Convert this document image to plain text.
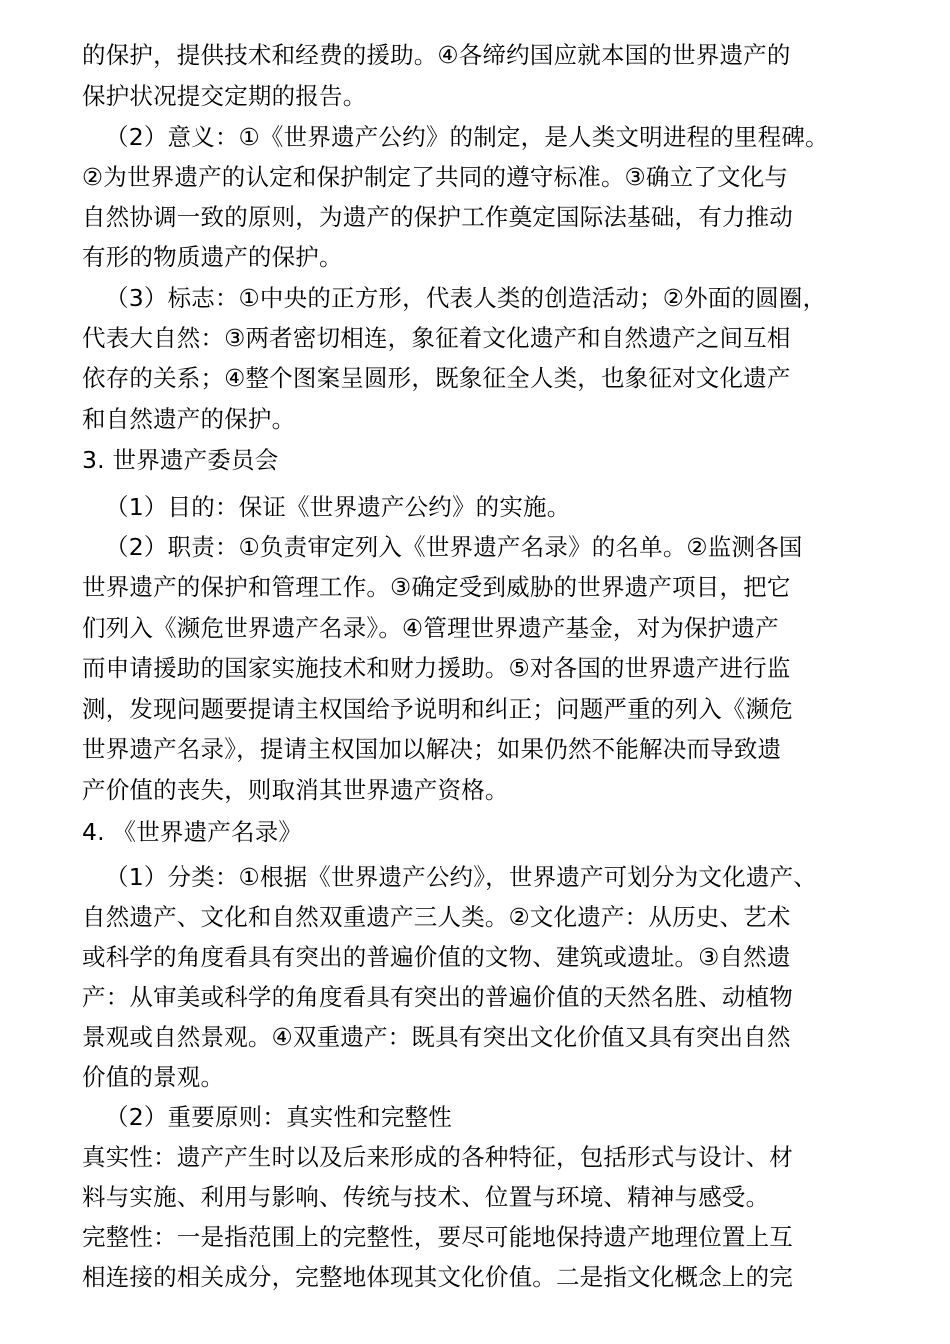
的保护，提供技术和经费的援助。④各缔约国应就本国的世界遗产的
保护状况提交定期的报告。
（2）意义：①《世界遗产公约》的制定，是人类文明进程的里程碑。
②为世界遗产的认定和保护制定了共同的遵守标准。③确立了文化与
自然协调一致的原则，为遗产的保护工作奠定国际法基础，有力推动
有形的物质遗产的保护。
（3）标志：①中央的正方形，代表人类的创造活动；②外面的圆圈，
代表大自然：③两者密切相连，象征着文化遗产和自然遗产之间互相
依存的关系；④整个图案呈圆形，既象征全人类，也象征对文化遗产
和自然遗产的保护。
3. 世界遗产委员会
（1）目的：保证《世界遗产公约》的实施。
（2）职责：①负责审定列入《世界遗产名录》的名单。②监测各国
世界遗产的保护和管理工作。③确定受到威胁的世界遗产项目，把它
们列入《濒危世界遗产名录》。④管理世界遗产基金，对为保护遗产
而申请援助的国家实施技术和财力援助。⑤对各国的世界遗产进行监
测，发现问题要提请主权国给予说明和纠正；问题严重的列入《濒危
世界遗产名录》，提请主权国加以解决；如果仍然不能解决而导致遗
产价值的丧失，则取消其世界遗产资格。
4. 《世界遗产名录》
（1）分类：①根据《世界遗产公约》，世界遗产可划分为文化遗产、
自然遗产、文化和自然双重遗产三人类。②文化遗产：从历史、艺术
或科学的角度看具有突出的普遍价值的文物、建筑或遗址。③自然遗
产：从审美或科学的角度看具有突出的普遍价值的天然名胜、动植物
景观或自然景观。④双重遗产：既具有突出文化价值又具有突出自然
价值的景观。
（2）重要原则：真实性和完整性
真实性：遗产产生时以及后来形成的各种特征，包括形式与设计、材
料与实施、利用与影响、传统与技术、位置与环境、精神与感受。
完整性：一是指范围上的完整性，要尽可能地保持遗产地理位置上互
相连接的相关成分，完整地体现其文化价值。二是指文化概念上的完
